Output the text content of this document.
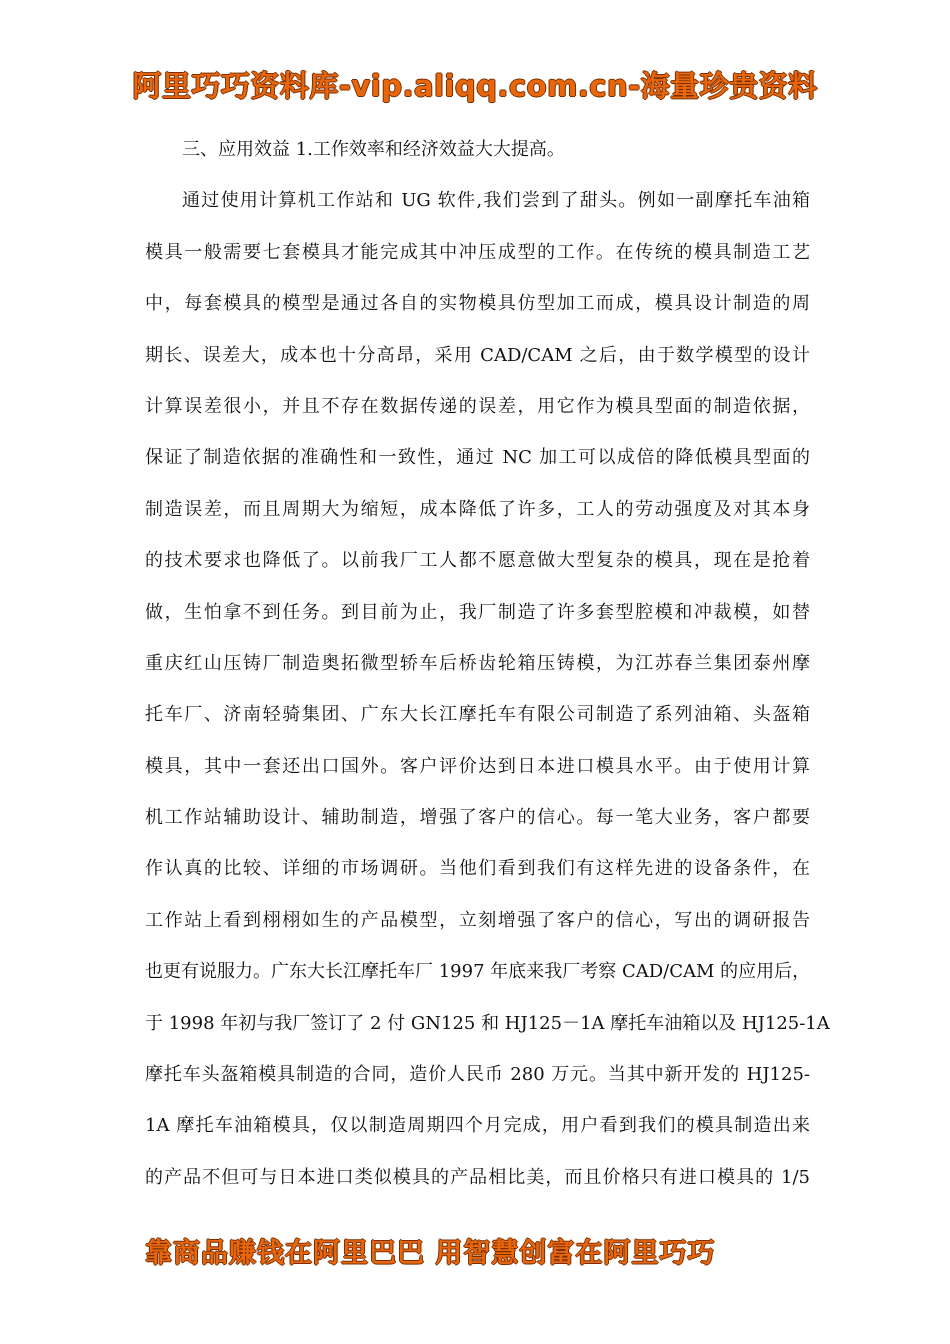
阿里巧巧资料库-vip.aliqq.com.cn-海量珍贵资料
三、应用效益 1.工作效率和经济效益大大提高。
通过使用计算机工作站和 UG 软件,我们尝到了甜头。例如一副摩托车油箱
模具一般需要七套模具才能完成其中冲压成型的工作。在传统的模具制造工艺
中，每套模具的模型是通过各自的实物模具仿型加工而成，模具设计制造的周
期长、误差大，成本也十分高昂，采用 CAD/CAM 之后，由于数学模型的设计
计算误差很小，并且不存在数据传递的误差，用它作为模具型面的制造依据，
保证了制造依据的准确性和一致性，通过 NC 加工可以成倍的降低模具型面的
制造误差，而且周期大为缩短，成本降低了许多，工人的劳动强度及对其本身
的技术要求也降低了。以前我厂工人都不愿意做大型复杂的模具，现在是抢着
做，生怕拿不到任务。到目前为止，我厂制造了许多套型腔模和冲裁模，如替
重庆红山压铸厂制造奥拓微型轿车后桥齿轮箱压铸模，为江苏春兰集团泰州摩
托车厂、济南轻骑集团、广东大长江摩托车有限公司制造了系列油箱、头盔箱
模具，其中一套还出口国外。客户评价达到日本进口模具水平。由于使用计算
机工作站辅助设计、辅助制造，增强了客户的信心。每一笔大业务，客户都要
作认真的比较、详细的市场调研。当他们看到我们有这样先进的设备条件，在
工作站上看到栩栩如生的产品模型，立刻增强了客户的信心，写出的调研报告
也更有说服力。广东大长江摩托车厂 1997 年底来我厂考察 CAD/CAM 的应用后，
于 1998 年初与我厂签订了 2 付 GN125 和 HJ125－1A 摩托车油箱以及 HJ125-1A
摩托车头盔箱模具制造的合同，造价人民币 280 万元。当其中新开发的 HJ125-
1A 摩托车油箱模具，仅以制造周期四个月完成，用户看到我们的模具制造出来
的产品不但可与日本进口类似模具的产品相比美，而且价格只有进口模具的 1/5
靠商品赚钱在阿里巴巴 用智慧创富在阿里巧巧
